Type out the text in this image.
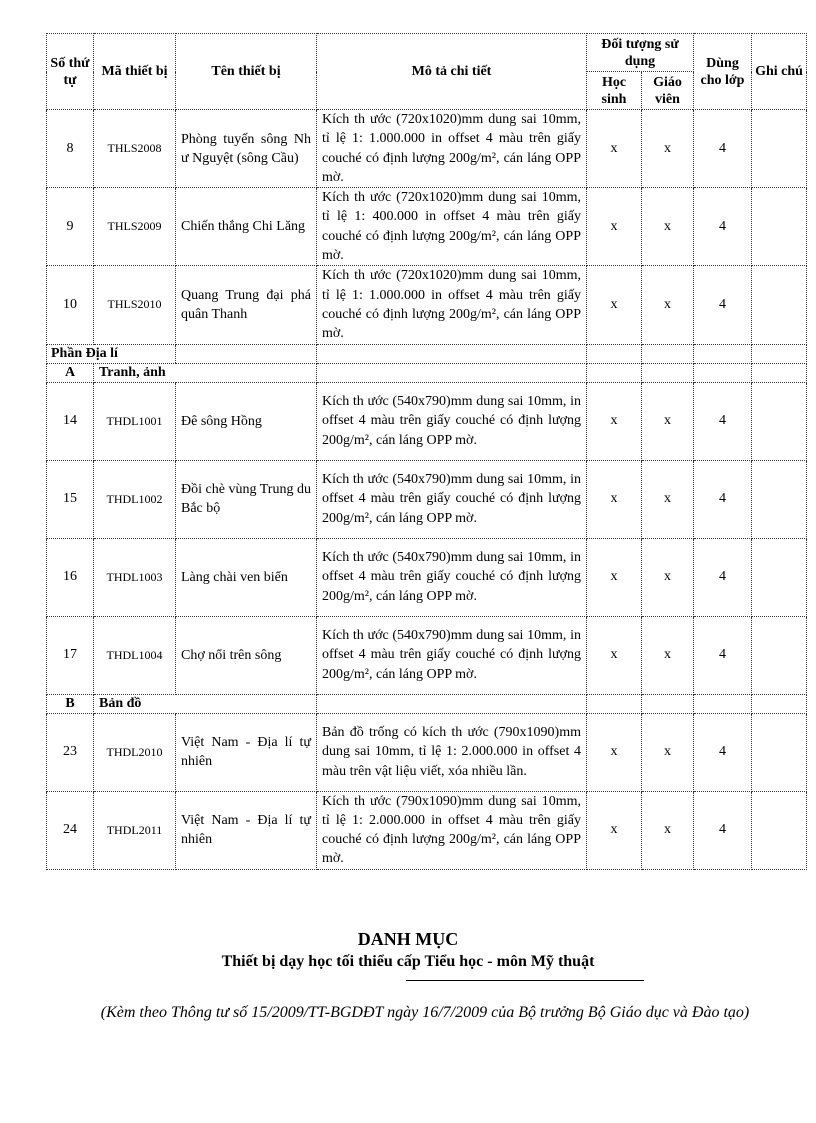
Số thứ tự	Mã thiết bị	Tên thiết bị	Mô tả chi tiết	Đối tượng sử dụng		Dùng cho lớp	Ghi chú
				Học sinh	Giáo viên		
8	THLS2008	Phòng tuyến sông Nh ư Nguyệt (sông Cầu)	Kích th ước (720x1020)mm dung sai 10mm, tỉ lệ 1: 1.000.000 in offset 4 màu trên giấy couché có định lượng 200g/m², cán láng OPP mờ.	x	x	4	
9	THLS2009	Chiến thắng Chi Lăng	Kích th ước (720x1020)mm dung sai 10mm, tỉ lệ 1: 400.000 in offset 4 màu trên giấy couché có định lượng 200g/m², cán láng OPP mờ.	x	x	4	
10	THLS2010	Quang Trung đại phá quân Thanh	Kích th ước (720x1020)mm dung sai 10mm, tỉ lệ 1: 1.000.000 in offset 4 màu trên giấy couché có định lượng 200g/m², cán láng OPP mờ.	x	x	4	
Phần Địa lí							
A	Tranh, ảnh						
14	THDL1001	Đê sông Hồng	Kích th ước (540x790)mm dung sai 10mm, in offset 4 màu trên giấy couché có định lượng 200g/m², cán láng OPP mờ.	x	x	4	
15	THDL1002	Đồi chè vùng Trung du Bắc bộ	Kích th ước (540x790)mm dung sai 10mm, in offset 4 màu trên giấy couché có định lượng 200g/m², cán láng OPP mờ.	x	x	4	
16	THDL1003	Làng chài ven biển	Kích th ước (540x790)mm dung sai 10mm, in offset 4 màu trên giấy couché có định lượng 200g/m², cán láng OPP mờ.	x	x	4	
17	THDL1004	Chợ nổi trên sông	Kích th ước (540x790)mm dung sai 10mm, in offset 4 màu trên giấy couché có định lượng 200g/m², cán láng OPP mờ.	x	x	4	
B	Bản đồ						
23	THDL2010	Việt Nam - Địa lí tự nhiên	Bản đồ trống có kích th ước (790x1090)mm dung sai 10mm, tỉ lệ 1: 2.000.000 in offset 4 màu trên vật liệu viết, xóa nhiều lần.	x	x	4	
24	THDL2011	Việt Nam - Địa lí tự nhiên	Kích th ước (790x1090)mm dung sai 10mm, tỉ lệ 1: 2.000.000 in offset 4 màu trên giấy couché có định lượng 200g/m², cán láng OPP mờ.	x	x	4	
DANH MỤC
Thiết bị dạy học tối thiểu cấp Tiểu học - môn Mỹ thuật
(Kèm theo Thông tư số 15/2009/TT-BGDĐT ngày 16/7/2009 của Bộ trưởng Bộ Giáo dục và Đào tạo)
